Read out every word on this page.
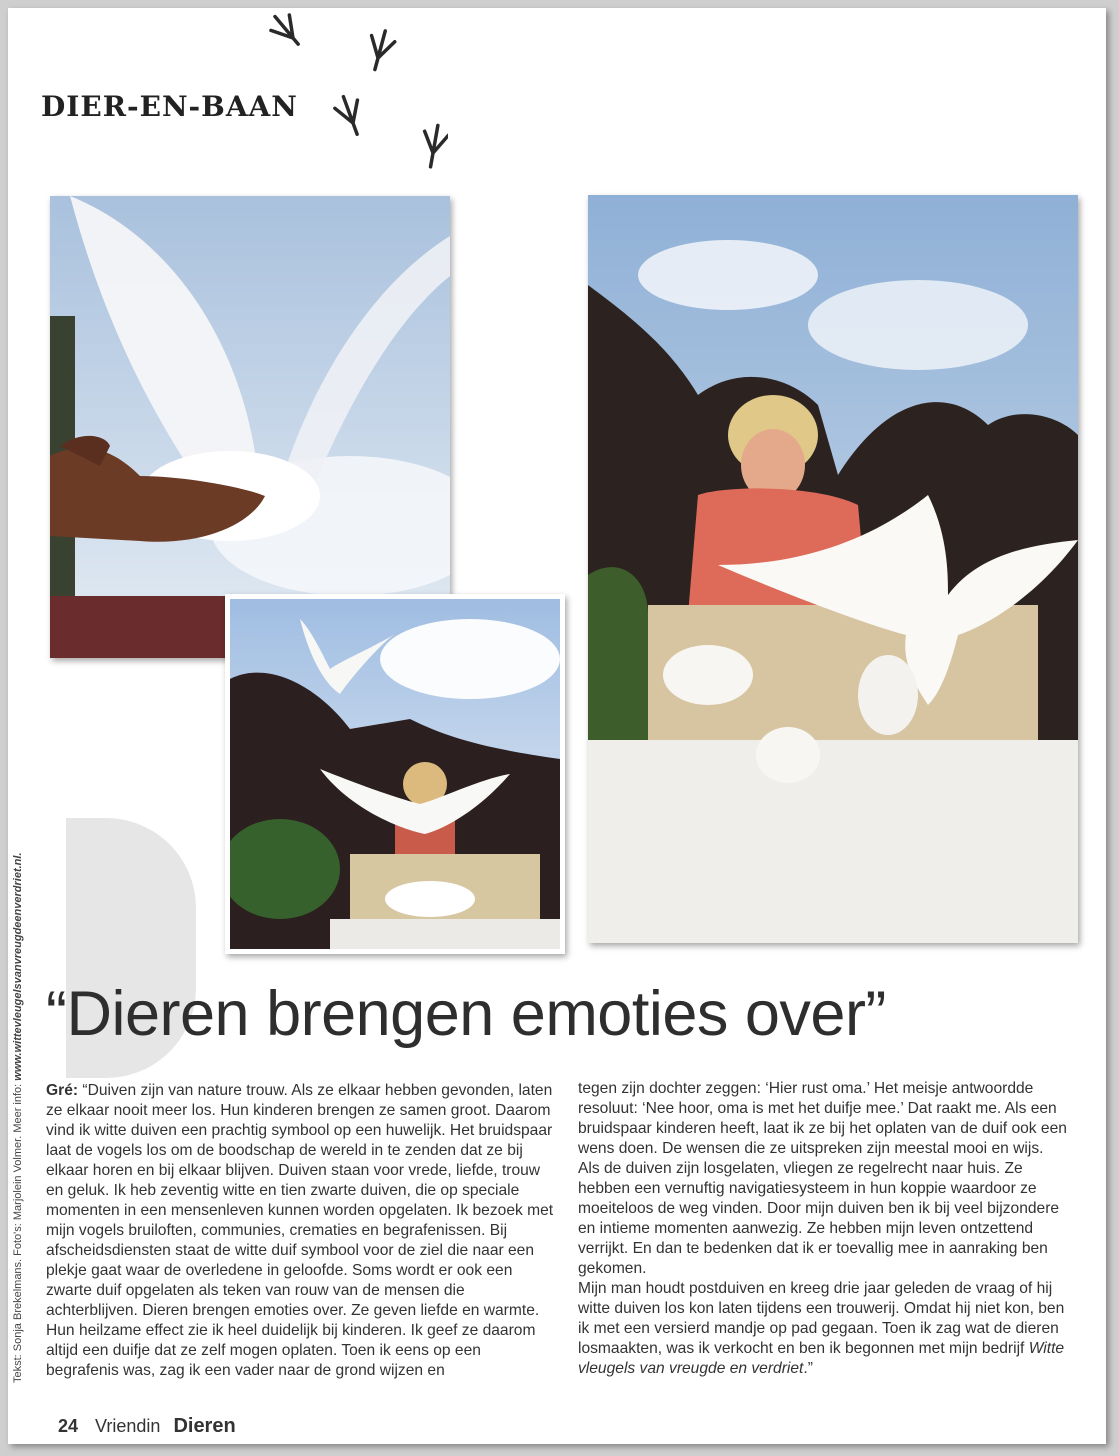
DIER-EN-BAAN
Tekst: Sonja Brekelmans. Foto's: Marjolein Volmer. Meer info: www.wittevleugelsvanvreugdeenverdriet.nl. “Dieren brengen emoties over”

Gré: “Duiven zijn van nature trouw. Als ze elkaar hebben gevonden, laten ze elkaar nooit meer los. Hun kinderen brengen ze samen groot. Daarom vind ik witte duiven een prachtig symbool op een huwelijk. Het bruidspaar laat de vogels los om de boodschap de wereld in te zenden dat ze bij elkaar horen en bij elkaar blijven. Duiven staan voor vrede, liefde, trouw en geluk. Ik heb zeventig witte en tien zwarte duiven, die op speciale momenten in een mensenleven kunnen worden opgelaten. Ik bezoek met mijn vogels bruiloften, communies, crematies en begrafenissen. Bij afscheidsdiensten staat de witte duif symbool voor de ziel die naar een plekje gaat waar de overledene in geloofde. Soms wordt er ook een zwarte duif opgelaten als teken van rouw van de mensen die achterblijven. Dieren brengen emoties over. Ze geven liefde en warmte. Hun heilzame effect zie ik heel duidelijk bij kinderen. Ik geef ze daarom altijd een duifje dat ze zelf mogen oplaten. Toen ik eens op een begrafenis was, zag ik een vader naar de grond wijzen en

tegen zijn dochter zeggen: ‘Hier rust oma.’ Het meisje antwoordde resoluut: ‘Nee hoor, oma is met het duifje mee.’ Dat raakt me. Als een bruidspaar kinderen heeft, laat ik ze bij het oplaten van de duif ook een wens doen. De wensen die ze uitspreken zijn meestal mooi en wijs.

Als de duiven zijn losgelaten, vliegen ze regelrecht naar huis. Ze hebben een vernuftig navigatiesysteem in hun koppie waardoor ze moeiteloos de weg vinden. Door mijn duiven ben ik bij veel bijzondere en intieme momenten aanwezig. Ze hebben mijn leven ontzettend verrijkt. En dan te bedenken dat ik er toevallig mee in aanraking ben gekomen.

Mijn man houdt postduiven en kreeg drie jaar geleden de vraag of hij witte duiven los kon laten tijdens een trouwerij. Omdat hij niet kon, ben ik met een versierd mandje op pad gegaan. Toen ik zag wat de dieren losmaakten, was ik verkocht en ben ik begonnen met mijn bedrijf Witte vleugels van vreugde en verdriet.”

24 Vriendin Dieren
